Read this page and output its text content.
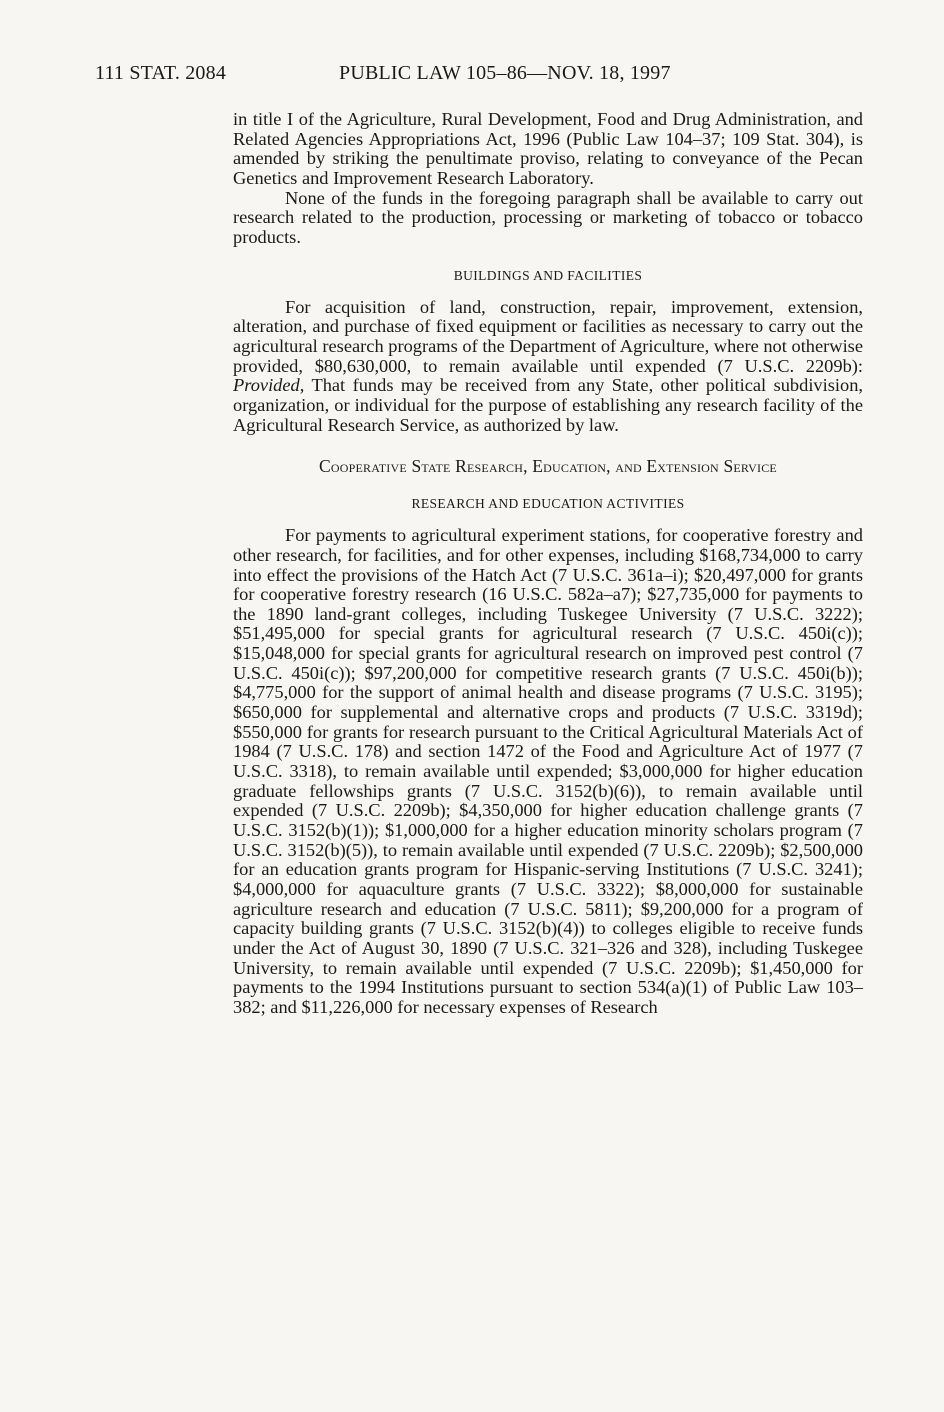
111 STAT. 2084	PUBLIC LAW 105–86—NOV. 18, 1997

in title I of the Agriculture, Rural Development, Food and Drug Administration, and Related Agencies Appropriations Act, 1996 (Public Law 104–37; 109 Stat. 304), is amended by striking the penultimate proviso, relating to conveyance of the Pecan Genetics and Improvement Research Laboratory.

None of the funds in the foregoing paragraph shall be available to carry out research related to the production, processing or marketing of tobacco or tobacco products.

BUILDINGS AND FACILITIES

For acquisition of land, construction, repair, improvement, extension, alteration, and purchase of fixed equipment or facilities as necessary to carry out the agricultural research programs of the Department of Agriculture, where not otherwise provided, $80,630,000, to remain available until expended (7 U.S.C. 2209b): Provided, That funds may be received from any State, other political subdivision, organization, or individual for the purpose of establishing any research facility of the Agricultural Research Service, as authorized by law.

Cooperative State Research, Education, and Extension Service
RESEARCH AND EDUCATION ACTIVITIES

For payments to agricultural experiment stations, for cooperative forestry and other research, for facilities, and for other expenses, including $168,734,000 to carry into effect the provisions of the Hatch Act (7 U.S.C. 361a–i); $20,497,000 for grants for cooperative forestry research (16 U.S.C. 582a–a7); $27,735,000 for payments to the 1890 land-grant colleges, including Tuskegee University (7 U.S.C. 3222); $51,495,000 for special grants for agricultural research (7 U.S.C. 450i(c)); $15,048,000 for special grants for agricultural research on improved pest control (7 U.S.C. 450i(c)); $97,200,000 for competitive research grants (7 U.S.C. 450i(b)); $4,775,000 for the support of animal health and disease programs (7 U.S.C. 3195); $650,000 for supplemental and alternative crops and products (7 U.S.C. 3319d); $550,000 for grants for research pursuant to the Critical Agricultural Materials Act of 1984 (7 U.S.C. 178) and section 1472 of the Food and Agriculture Act of 1977 (7 U.S.C. 3318), to remain available until expended; $3,000,000 for higher education graduate fellowships grants (7 U.S.C. 3152(b)(6)), to remain available until expended (7 U.S.C. 2209b); $4,350,000 for higher education challenge grants (7 U.S.C. 3152(b)(1)); $1,000,000 for a higher education minority scholars program (7 U.S.C. 3152(b)(5)), to remain available until expended (7 U.S.C. 2209b); $2,500,000 for an education grants program for Hispanic-serving Institutions (7 U.S.C. 3241); $4,000,000 for aquaculture grants (7 U.S.C. 3322); $8,000,000 for sustainable agriculture research and education (7 U.S.C. 5811); $9,200,000 for a program of capacity building grants (7 U.S.C. 3152(b)(4)) to colleges eligible to receive funds under the Act of August 30, 1890 (7 U.S.C. 321–326 and 328), including Tuskegee University, to remain available until expended (7 U.S.C. 2209b); $1,450,000 for payments to the 1994 Institutions pursuant to section 534(a)(1) of Public Law 103–382; and $11,226,000 for necessary expenses of Research
